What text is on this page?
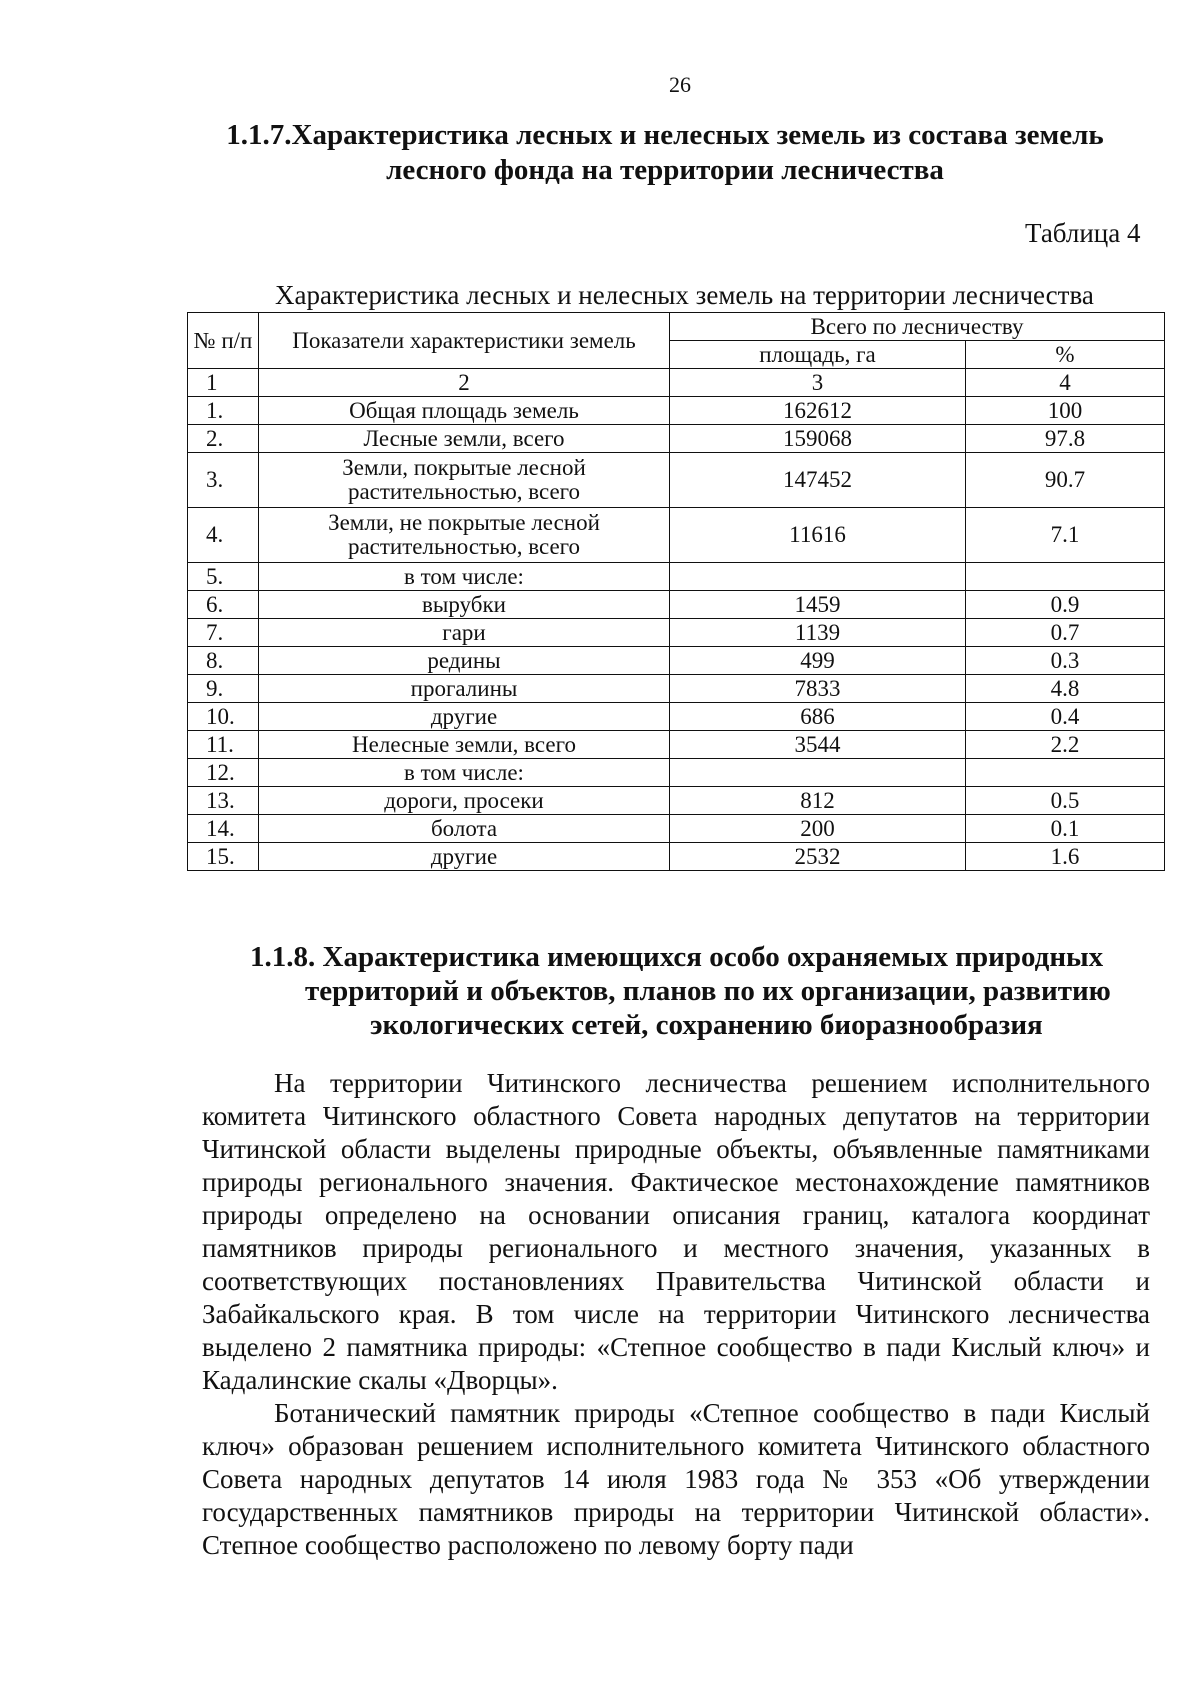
26
1.1.7.Характеристика лесных и нелесных земель из состава земель лесного фонда на территории лесничества
Таблица 4
Характеристика лесных и нелесных земель на территории лесничества
№ п/п	Показатели характеристики земель	Всего по лесничеству	
		площадь, га	%
1	2	3	4
1.	Общая площадь земель	162612	100
2.	Лесные земли, всего	159068	97.8
3.	Земли, покрытые лесной растительностью, всего	147452	90.7
4.	Земли, не покрытые лесной растительностью, всего	11616	7.1
5.	в том числе:		
6.	вырубки	1459	0.9
7.	гари	1139	0.7
8.	редины	499	0.3
9.	прогалины	7833	4.8
10.	другие	686	0.4
11.	Нелесные земли, всего	3544	2.2
12.	в том числе:		
13.	дороги, просеки	812	0.5
14.	болота	200	0.1
15.	другие	2532	1.6
1.1.8. Характеристика имеющихся особо охраняемых природных
территорий и объектов, планов по их организации, развитию
экологических сетей, сохранению биоразнообразия

На территории Читинского лесничества решением исполнительного комитета Читинского областного Совета народных депутатов на территории Читинской области выделены природные объекты, объявленные памятниками природы регионального значения. Фактическое местонахождение памятников природы определено на основании описания границ, каталога координат памятников природы регионального и местного значения, указанных в соответствующих постановлениях Правительства Читинской области и Забайкальского края. В том числе на территории Читинского лесничества выделено 2 памятника природы: «Степное сообщество в пади Кислый ключ» и Кадалинские скалы «Дворцы».

Ботанический памятник природы «Степное сообщество в пади Кислый ключ» образован решением исполнительного комитета Читинского областного Совета народных депутатов 14 июля 1983 года № 353 «Об утверждении государственных памятников природы на территории Читинской области». Степное сообщество расположено по левому борту пади
